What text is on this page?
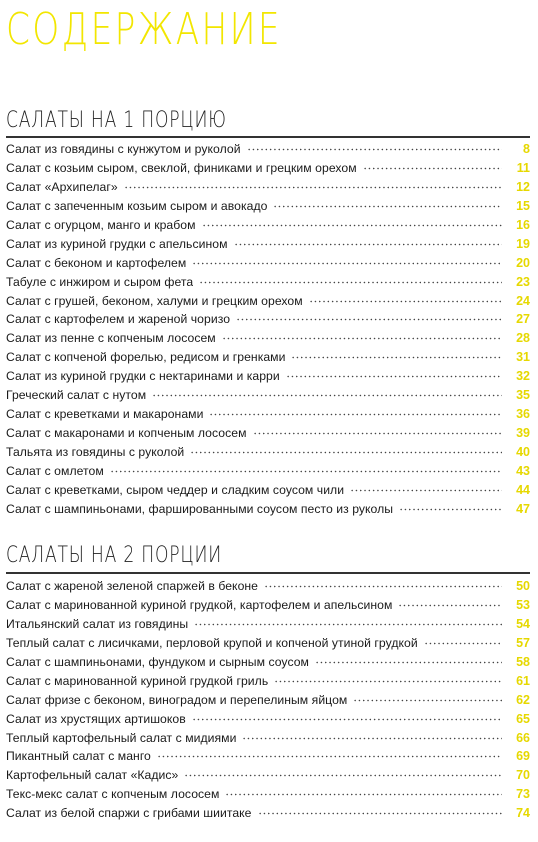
СОДЕРЖАНИЕ
САЛАТЫ НА 1 ПОРЦИЮ
Салат из говядины с кунжутом и руколой	8
Салат с козьим сыром, свеклой, финиками и грецким орехом	11
Салат «Архипелаг»	12
Салат с запеченным козьим сыром и авокадо	15
Салат с огурцом, манго и крабом	16
Салат из куриной грудки с апельсином	19
Салат с беконом и картофелем	20
Табуле с инжиром и сыром фета	23
Салат с грушей, беконом, халуми и грецким орехом	24
Салат с картофелем и жареной чоризо	27
Салат из пенне с копченым лососем	28
Салат с копченой форелью, редисом и гренками	31
Салат из куриной грудки с нектаринами и карри	32
Греческий салат с нутом	35
Салат с креветками и макаронами	36
Салат с макаронами и копченым лососем	39
Тальята из говядины с руколой	40
Салат с омлетом	43
Салат с креветками, сыром чеддер и сладким соусом чили	44
Салат с шампиньонами, фаршированными соусом песто из руколы	47
САЛАТЫ НА 2 ПОРЦИИ
Салат с жареной зеленой спаржей в беконе	50
Салат с маринованной куриной грудкой, картофелем и апельсином	53
Итальянский салат из говядины	54
Теплый салат с лисичками, перловой крупой и копченой утиной грудкой	57
Салат с шампиньонами, фундуком и сырным соусом	58
Салат с маринованной куриной грудкой гриль	61
Салат фризе с беконом, виноградом и перепелиным яйцом	62
Салат из хрустящих артишоков	65
Теплый картофельный салат с мидиями	66
Пикантный салат с манго	69
Картофельный салат «Кадис»	70
Текс-мекс салат с копченым лососем	73
Салат из белой спаржи с грибами шиитаке	74
